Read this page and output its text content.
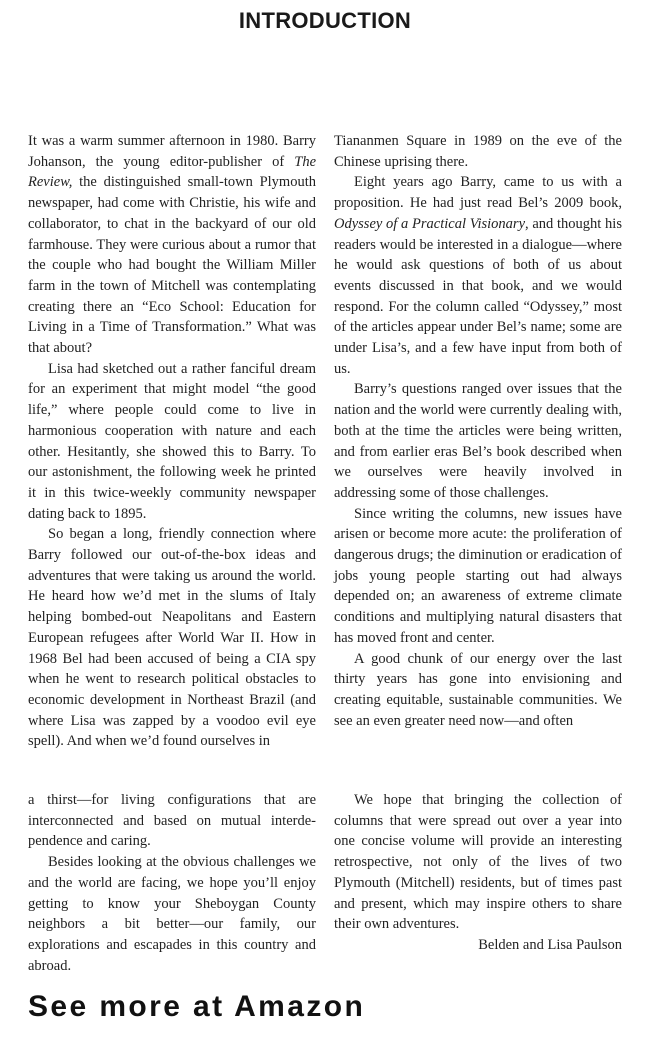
INTRODUCTION

It was a warm summer afternoon in 1980. Barry Johanson, the young editor-publisher of The Review, the distinguished small-town Plymouth newspaper, had come with Christie, his wife and collaborator, to chat in the backyard of our old farmhouse. They were curious about a rumor that the couple who had bought the William Miller farm in the town of Mitchell was contemplating creating there an “Eco School: Education for Living in a Time of Transformation.” What was that about?

Lisa had sketched out a rather fanciful dream for an experiment that might model “the good life,” where people could come to live in harmonious cooperation with nature and each other. Hesitantly, she showed this to Barry. To our astonishment, the following week he printed it in this twice-weekly community newspaper dating back to 1895.

So began a long, friendly connection where Barry followed our out-of-the-box ideas and adventures that were taking us around the world. He heard how we’d met in the slums of Italy helping bombed-out Neapolitans and Eastern European refugees after World War II. How in 1968 Bel had been accused of being a CIA spy when he went to research political obstacles to economic development in Northeast Brazil (and where Lisa was zapped by a voodoo evil eye spell). And when we’d found ourselves in

Tiananmen Square in 1989 on the eve of the Chinese uprising there.

Eight years ago Barry, came to us with a proposition. He had just read Bel’s 2009 book, Odyssey of a Practical Visionary, and thought his readers would be interested in a dialogue—where he would ask questions of both of us about events discussed in that book, and we would respond. For the column called “Odyssey,” most of the articles appear under Bel’s name; some are under Lisa’s, and a few have input from both of us.

Barry’s questions ranged over issues that the nation and the world were currently dealing with, both at the time the articles were being written, and from earlier eras Bel’s book described when we ourselves were heavily involved in addressing some of those challenges.

Since writing the columns, new issues have arisen or become more acute: the proliferation of dangerous drugs; the diminution or eradication of jobs young people starting out had always depended on; an awareness of extreme climate conditions and multiplying natural disasters that has moved front and center.

A good chunk of our energy over the last thirty years has gone into envisioning and creating equitable, sustainable communities. We see an even greater need now—and often

a thirst—for living configurations that are interconnected and based on mutual interdependence and caring.

Besides looking at the obvious challenges we and the world are facing, we hope you’ll enjoy getting to know your Sheboygan County neighbors a bit better—our family, our explorations and escapades in this country and abroad.

We hope that bringing the collection of columns that were spread out over a year into one concise volume will provide an interesting retrospective, not only of the lives of two Plymouth (Mitchell) residents, but of times past and present, which may inspire others to share their own adventures.

Belden and Lisa Paulson

See more at Amazon
